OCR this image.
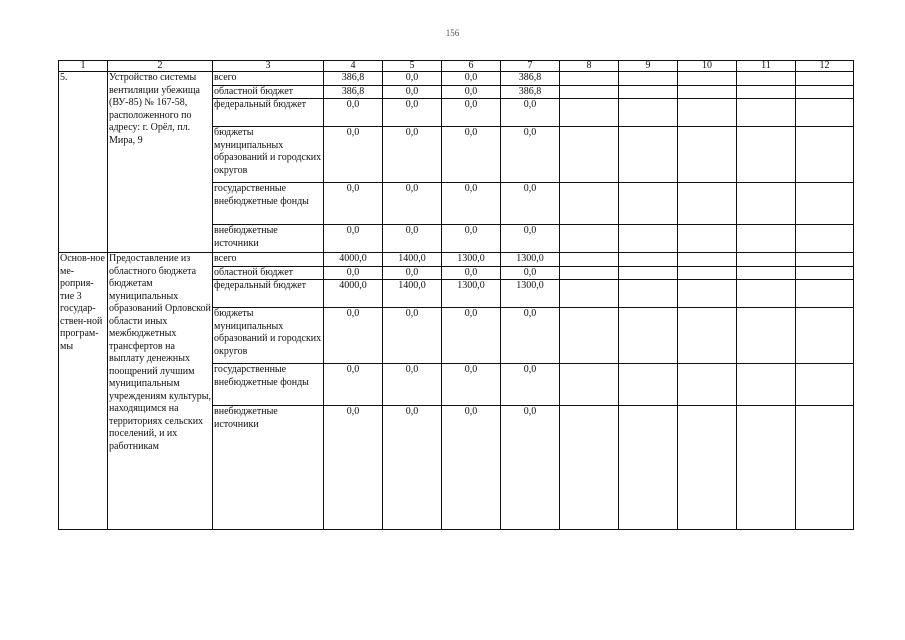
156
1	2	3	4	5	6	7	8	9	10	11	12
5.	Устройство системы вентиляции убежища (ВУ-85) № 167-58, расположенного по адресу: г. Орёл, пл. Мира, 9	всего	386,8	0,0	0,0	386,8					
		областной бюджет	386,8	0,0	0,0	386,8					
		федеральный бюджет	0,0	0,0	0,0	0,0					
		бюджеты муниципальных образований и городских округов	0,0	0,0	0,0	0,0					
		государственные внебюджетные фонды	0,0	0,0	0,0	0,0					
		внебюджетные источники	0,0	0,0	0,0	0,0					
Основ-ное ме-роприя-тие 3 государ-ствен-ной програм-мы	Предоставление из областного бюджета бюджетам муниципальных образований Орловской области иных межбюджетных трансфертов на выплату денежных поощрений лучшим муниципальным учреждениям культуры, находящимся на территориях сельских поселений, и их работникам	всего	4000,0	1400,0	1300,0	1300,0					
		областной бюджет	0,0	0,0	0,0	0,0					
		федеральный бюджет	4000,0	1400,0	1300,0	1300,0					
		бюджеты муниципальных образований и городских округов	0,0	0,0	0,0	0,0					
		государственные внебюджетные фонды	0,0	0,0	0,0	0,0					
		внебюджетные источники	0,0	0,0	0,0	0,0					
